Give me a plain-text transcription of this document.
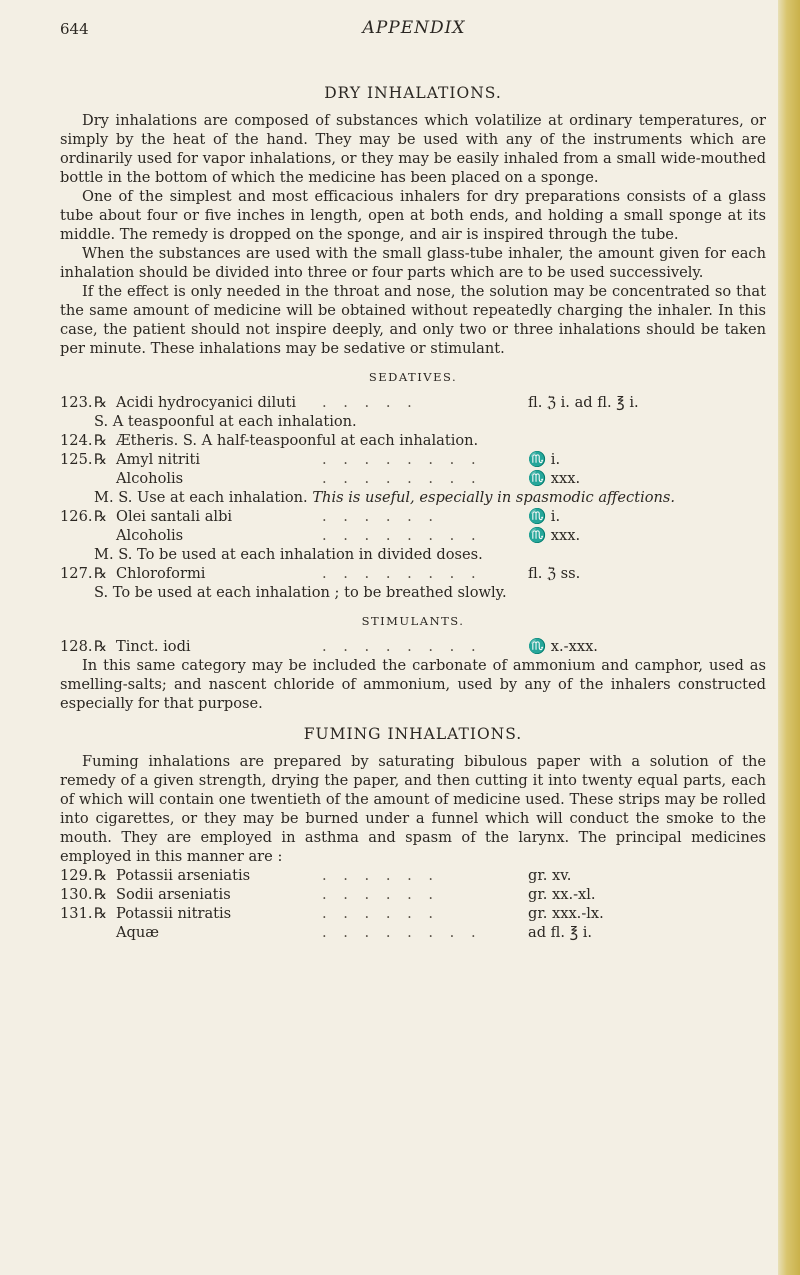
644	APPENDIX
DRY INHALATIONS.

Dry inhalations are composed of substances which volatilize at ordinary temperatures, or simply by the heat of the hand. They may be used with any of the instruments which are ordinarily used for vapor inhalations, or they may be easily inhaled from a small wide-mouthed bottle in the bottom of which the medicine has been placed on a sponge.

One of the simplest and most efficacious inhalers for dry preparations consists of a glass tube about four or five inches in length, open at both ends, and holding a small sponge at its middle. The remedy is dropped on the sponge, and air is inspired through the tube.

When the substances are used with the small glass-tube inhaler, the amount given for each inhalation should be divided into three or four parts which are to be used successively.

If the effect is only needed in the throat and nose, the solution may be concentrated so that the same amount of medicine will be obtained without repeatedly charging the inhaler. In this case, the patient should not inspire deeply, and only two or three inhalations should be taken per minute. These inhalations may be sedative or stimulant.

SEDATIVES.
123. ℞ Acidi hydrocyanici diluti . . . . .	fl. ℨ i. ad fl. ℥ i.
S. A teaspoonful at each inhalation.
124. ℞ Ætheris. S. A half-teaspoonful at each inhalation.
125. ℞ Amyl nitriti	. . . . . . . .	♏ i.
Alcoholis	. . . . . . . .	♏ xxx.
M. S. Use at each inhalation. This is useful, especially in spasmodic affections.
126. ℞ Olei santali albi	. . . . . .	♏ i.
Alcoholis	. . . . . . . .	♏ xxx.
M. S. To be used at each inhalation in divided doses.
127. ℞ Chloroformi	. . . . . . . .	fl. ℨ ss.
S. To be used at each inhalation ; to be breathed slowly.
STIMULANTS.
128. ℞ Tinct. iodi	. . . . . . . .	♏ x.-xxx.

In this same category may be included the carbonate of ammonium and camphor, used as smelling-salts; and nascent chloride of ammonium, used by any of the inhalers constructed especially for that purpose.

FUMING INHALATIONS.

Fuming inhalations are prepared by saturating bibulous paper with a solution of the remedy of a given strength, drying the paper, and then cutting it into twenty equal parts, each of which will contain one twentieth of the amount of medicine used. These strips may be rolled into cigarettes, or they may be burned under a funnel which will conduct the smoke to the mouth. They are employed in asthma and spasm of the larynx. The principal medicines employed in this manner are :

129. ℞ Potassii arseniatis	. . . . . .	gr. xv.
130. ℞ Sodii arseniatis	. . . . . .	gr. xx.-xl.
131. ℞ Potassii nitratis	. . . . . .	gr. xxx.-lx.
Aquæ	. . . . . . . .	ad fl. ℥ i.
